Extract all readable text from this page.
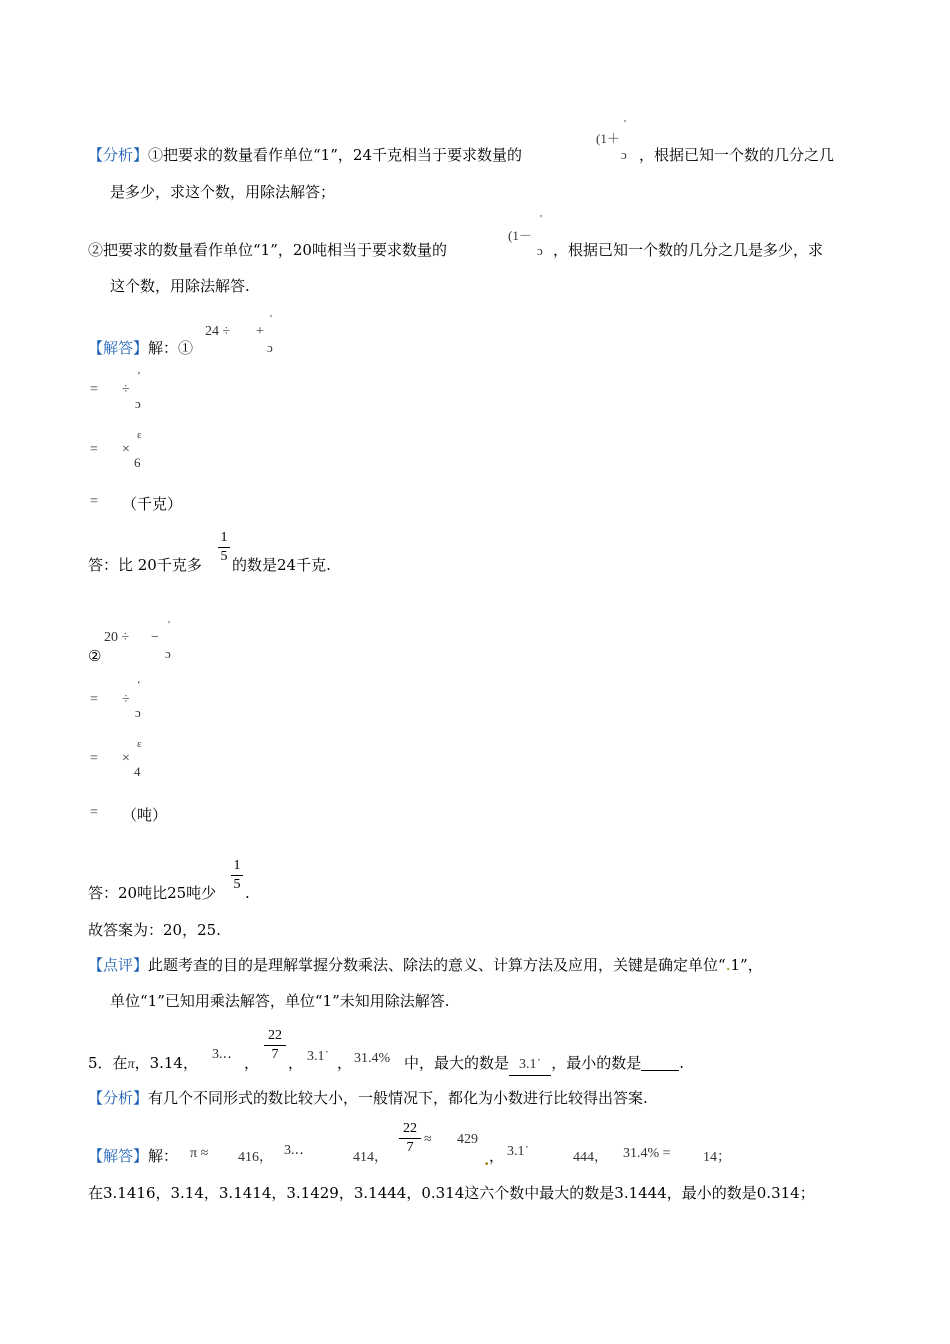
【分析】①把要求的数量看作单位“1”，24千克相当于要求数量的
(1＋
'
ɔ ，根据已知一个数的几分之几
是多少，求这个数，用除法解答；
②把要求的数量看作单位“1”，20吨相当于要求数量的
(1－
'
ɔ ，根据已知一个数的几分之几是多少，求
这个数，用除法解答.
【解答】解：①
24 ÷ +
'
ɔ
= ÷
ʼ
ɔ
= ×
ɛ
6
= （千克）
答：比 20千克多
1
5 的数是24千克.
②
20 ÷ −
'
ɔ
= ÷
ʻ
ɔ
= ×
ɛ
4
= （吨）
答：20吨比25吨少
1
5 .
故答案为：20，25.
【点评】此题考查的目的是理解掌握分数乘法、除法的意义、计算方法及应用，关键是确定单位“.1”，
单位“1”已知用乘法解答，单位“1”未知用除法解答.
5．在π，3.14， 3.‥ ，
22
7 ， 3.1˙ ， 31.4% 中，最大的数是 3.1˙ ，最小的数是	.
【分析】有几个不同形式的数比较大小，一般情况下，都化为小数进行比较得出答案.
【解答】解： π ≈ 416， 3.‥	414，
22
7
≈ 429
. ， 3.1˙	444， 31.4% = 14；
在3.1416，3.14，3.1414，3.1429，3.1444，0.314这六个数中最大的数是3.1444，最小的数是0.314；
